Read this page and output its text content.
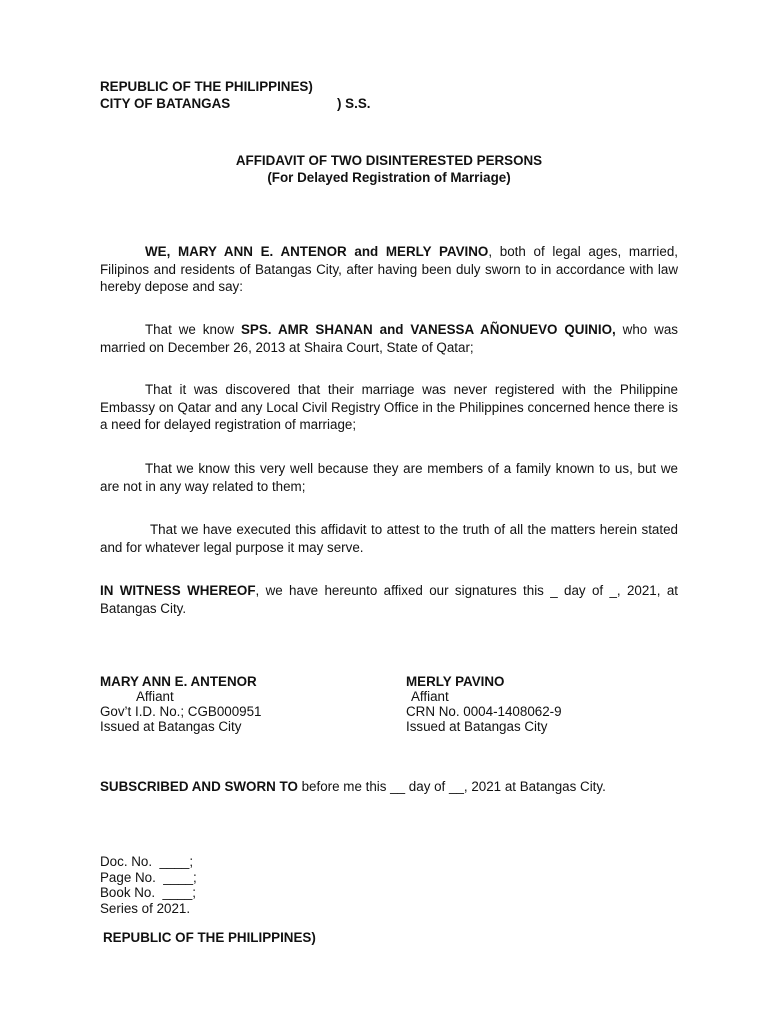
REPUBLIC OF THE PHILIPPINES)
CITY OF BATANGAS	) S.S.
AFFIDAVIT OF TWO DISINTERESTED PERSONS
(For Delayed Registration of Marriage)
WE, MARY ANN E. ANTENOR and MERLY PAVINO, both of legal ages, married, Filipinos and residents of Batangas City, after having been duly sworn to in accordance with law hereby depose and say:
That we know SPS. AMR SHANAN and VANESSA AÑONUEVO QUINIO, who was married on December 26, 2013 at Shaira Court, State of Qatar;
That it was discovered that their marriage was never registered with the Philippine Embassy on Qatar and any Local Civil Registry Office in the Philippines concerned hence there is a need for delayed registration of marriage;
That we know this very well because they are members of a family known to us, but we are not in any way related to them;
That we have executed this affidavit to attest to the truth of all the matters herein stated and for whatever legal purpose it may serve.
IN WITNESS WHEREOF, we have hereunto affixed our signatures this _ day of _, 2021, at Batangas City.
MARY ANN E. ANTENOR
Affiant
Gov’t I.D. No.; CGB000951
Issued at Batangas City
MERLY PAVINO
Affiant
CRN No. 0004-1408062-9
Issued at Batangas City
SUBSCRIBED AND SWORN TO before me this __ day of __, 2021 at Batangas City.
Doc. No.  ____;
Page No.  ____;
Book No.  ____;
Series of 2021.
REPUBLIC OF THE PHILIPPINES)
